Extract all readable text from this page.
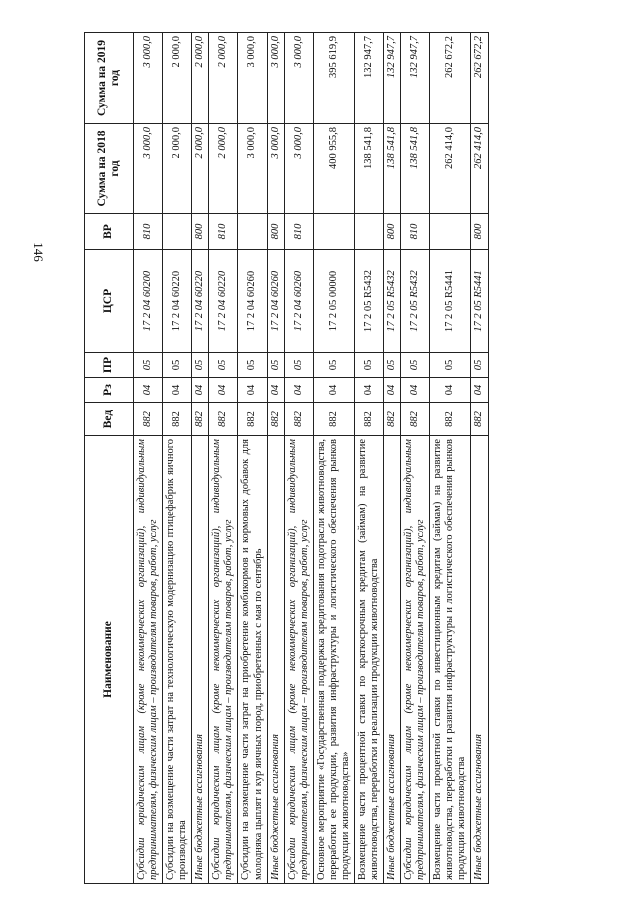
146
Наименование	Вед	Рз	ПР	ЦСР	ВР	Сумма на 2018 год	Сумма на 2019 год
Субсидии юридическим лицам (кроме некоммерческих организаций), индивидуальным предпринимателям, физическим лицам – производителям товаров, работ, услуг	882	04	05	17 2 04 60200	810	3 000,0	3 000,0
Субсидии на возмещение части затрат на технологическую модернизацию птицефабрик яичного производства	882	04	05	17 2 04 60220		2 000,0	2 000,0
Иные бюджетные ассигнования	882	04	05	17 2 04 60220	800	2 000,0	2 000,0
Субсидии юридическим лицам (кроме некоммерческих организаций), индивидуальным предпринимателям, физическим лицам – производителям товаров, работ, услуг	882	04	05	17 2 04 60220	810	2 000,0	2 000,0
Субсидии на возмещение части затрат на приобретение комбикормов и кормовых добавок для молодняка цыплят и кур яичных пород, приобретенных с мая по сентябрь	882	04	05	17 2 04 60260		3 000,0	3 000,0
Иные бюджетные ассигнования	882	04	05	17 2 04 60260	800	3 000,0	3 000,0
Субсидии юридическим лицам (кроме некоммерческих организаций), индивидуальным предпринимателям, физическим лицам – производителям товаров, работ, услуг	882	04	05	17 2 04 60260	810	3 000,0	3 000,0
Основное мероприятие «Государственная поддержка кредитования подотрасли животноводства, переработки ее продукции, развития инфраструктуры и логистического обеспечения рынков продукции животноводства»	882	04	05	17 2 05 00000		400 955,8	395 619,9
Возмещение части процентной ставки по краткосрочным кредитам (займам) на развитие животноводства, переработки и реализации продукции животноводства	882	04	05	17 2 05 R5432		138 541,8	132 947,7
Иные бюджетные ассигнования	882	04	05	17 2 05 R5432	800	138 541,8	132 947,7
Субсидии юридическим лицам (кроме некоммерческих организаций), индивидуальным предпринимателям, физическим лицам – производителям товаров, работ, услуг	882	04	05	17 2 05 R5432	810	138 541,8	132 947,7
Возмещение части процентной ставки по инвестиционным кредитам (займам) на развитие животноводства, переработки и развития инфраструктуры и логистического обеспечения рынков продукции животноводства	882	04	05	17 2 05 R5441		262 414,0	262 672,2
Иные бюджетные ассигнования	882	04	05	17 2 05 R5441	800	262 414,0	262 672,2
